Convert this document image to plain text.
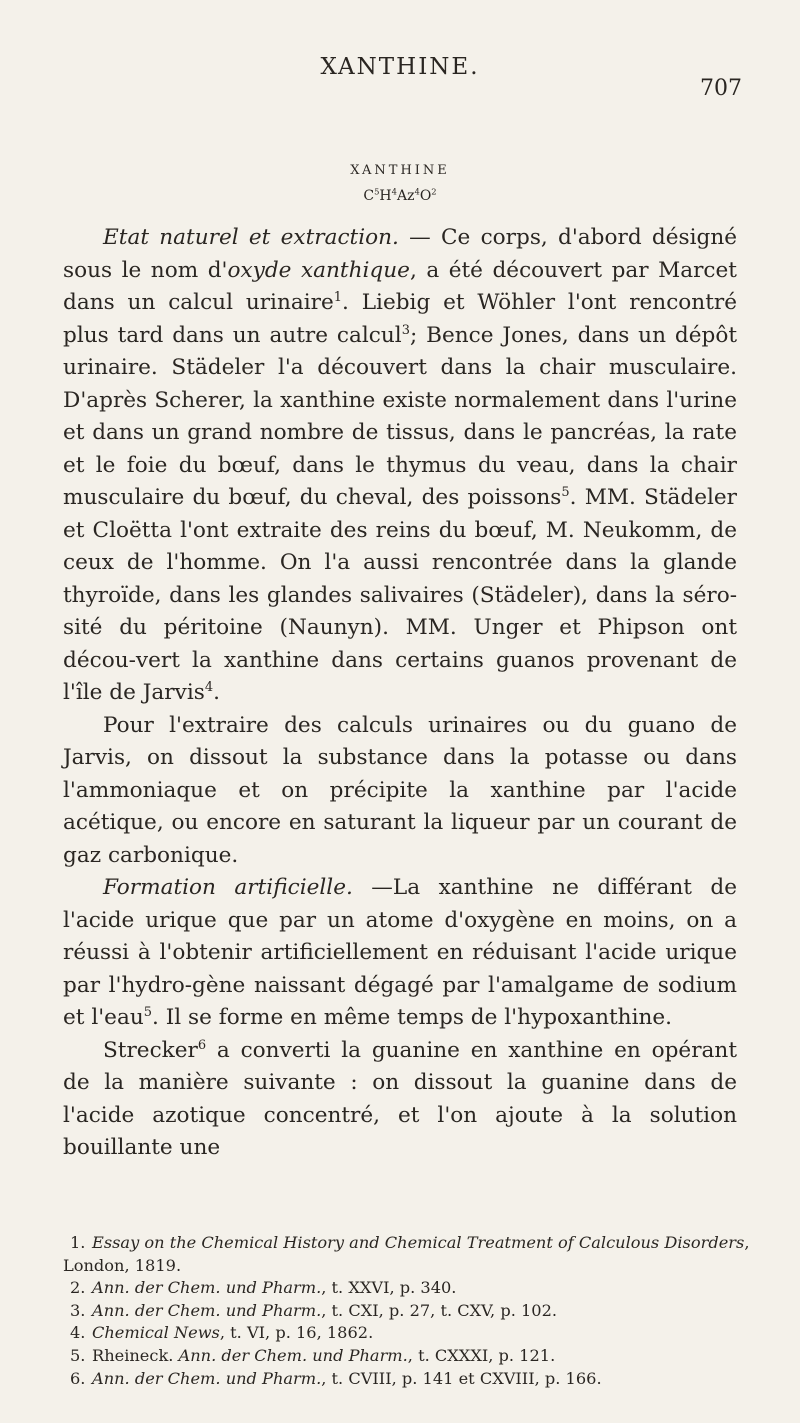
XANTHINE.
707
XANTHINE
$C^5H^4Az^4O^2$

Etat naturel et extraction. — Ce corps, d'abord désigné sous le nom d'oxyde xanthique, a été découvert par Marcet dans un calcul urinaire$^1$. Liebig et Wöhler l'ont rencontré plus tard dans un autre calcul$^3$; Bence Jones, dans un dépôt urinaire. Städeler l'a découvert dans la chair musculaire. D'après Scherer, la xanthine existe normalement dans l'urine et dans un grand nombre de tissus, dans le pancréas, la rate et le foie du bœuf, dans le thymus du veau, dans la chair musculaire du bœuf, du cheval, des poissons$^5$. MM. Städeler et Cloëtta l'ont extraite des reins du bœuf, M. Neukomm, de ceux de l'homme. On l'a aussi rencontrée dans la glande thyroïde, dans les glandes salivaires (Städeler), dans la séro-sité du péritoine (Naunyn). MM. Unger et Phipson ont décou-vert la xanthine dans certains guanos provenant de l'île de Jarvis$^4$.

Pour l'extraire des calculs urinaires ou du guano de Jarvis, on dissout la substance dans la potasse ou dans l'ammoniaque et on précipite la xanthine par l'acide acétique, ou encore en saturant la liqueur par un courant de gaz carbonique.

Formation artificielle. —La xanthine ne différant de l'acide urique que par un atome d'oxygène en moins, on a réussi à l'obtenir artificiellement en réduisant l'acide urique par l'hydro-gène naissant dégagé par l'amalgame de sodium et l'eau$^5$. Il se forme en même temps de l'hypoxanthine.

Strecker$^6$ a converti la guanine en xanthine en opérant de la manière suivante : on dissout la guanine dans de l'acide azotique concentré, et l'on ajoute à la solution bouillante une

1. Essay on the Chemical History and Chemical Treatment of Calculous Disorders, London, 1819.

2. Ann. der Chem. und Pharm., t. XXVI, p. 340.

3. Ann. der Chem. und Pharm., t. CXI, p. 27, t. CXV, p. 102.

4. Chemical News, t. VI, p. 16, 1862.

5. Rheineck. Ann. der Chem. und Pharm., t. CXXXI, p. 121.

6. Ann. der Chem. und Pharm., t. CVIII, p. 141 et CXVIII, p. 166.
